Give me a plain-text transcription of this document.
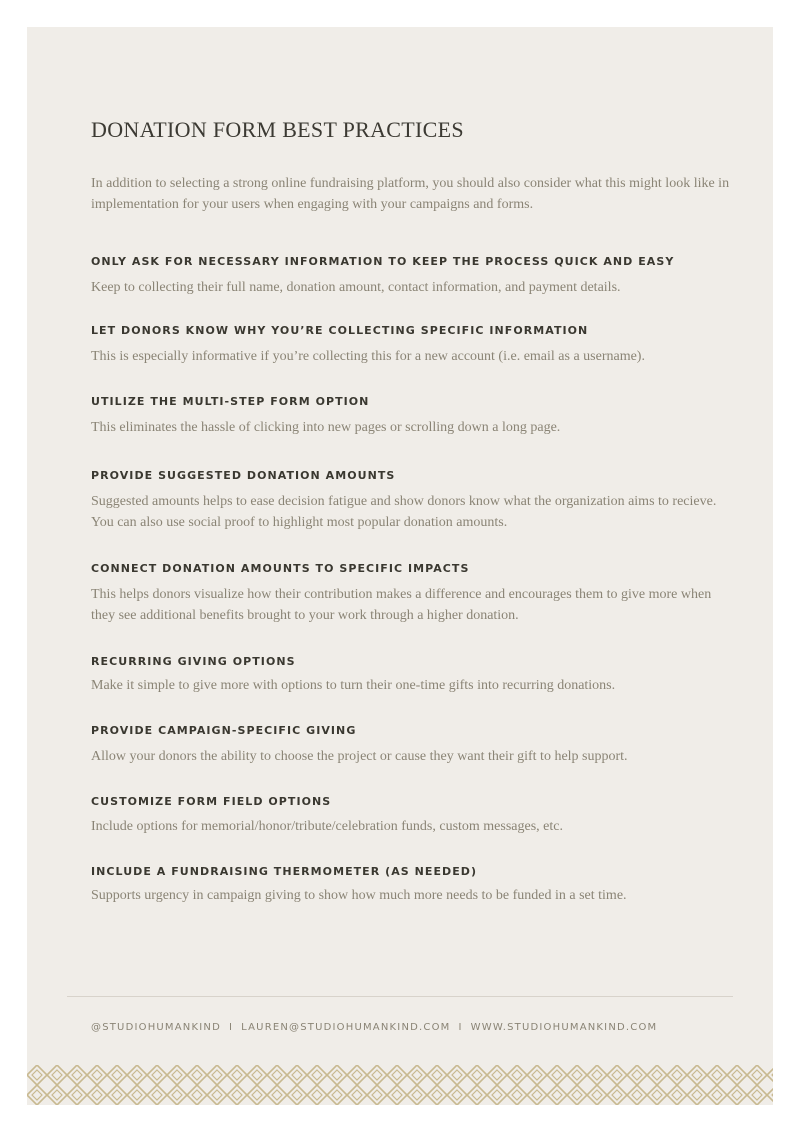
DONATION FORM BEST PRACTICES

In addition to selecting a strong online fundraising platform, you should also consider what this might look like in implementation for your users when engaging with your campaigns and forms.

ONLY ASK FOR NECESSARY INFORMATION TO KEEP THE PROCESS QUICK AND EASY

Keep to collecting their full name, donation amount, contact information, and payment details.

LET DONORS KNOW WHY YOU’RE COLLECTING SPECIFIC INFORMATION

This is especially informative if you’re collecting this for a new account (i.e. email as a username).

UTILIZE THE MULTI-STEP FORM OPTION

This eliminates the hassle of clicking into new pages or scrolling down a long page.

PROVIDE SUGGESTED DONATION AMOUNTS

Suggested amounts helps to ease decision fatigue and show donors know what the organization aims to recieve. You can also use social proof to highlight most popular donation amounts.

CONNECT DONATION AMOUNTS TO SPECIFIC IMPACTS

This helps donors visualize how their contribution makes a difference and encourages them to give more when they see additional benefits brought to your work through a higher donation.

RECURRING GIVING OPTIONS

Make it simple to give more with options to turn their one-time gifts into recurring donations.

PROVIDE CAMPAIGN-SPECIFIC GIVING

Allow your donors the ability to choose the project or cause they want their gift to help support.

CUSTOMIZE FORM FIELD OPTIONS

Include options for memorial/honor/tribute/celebration funds, custom messages, etc.

INCLUDE A FUNDRAISING THERMOMETER (AS NEEDED)

Supports urgency in campaign giving to show how much more needs to be funded in a set time.

@STUDIOHUMANKIND I LAUREN@STUDIOHUMANKIND.COM I WWW.STUDIOHUMANKIND.COM
